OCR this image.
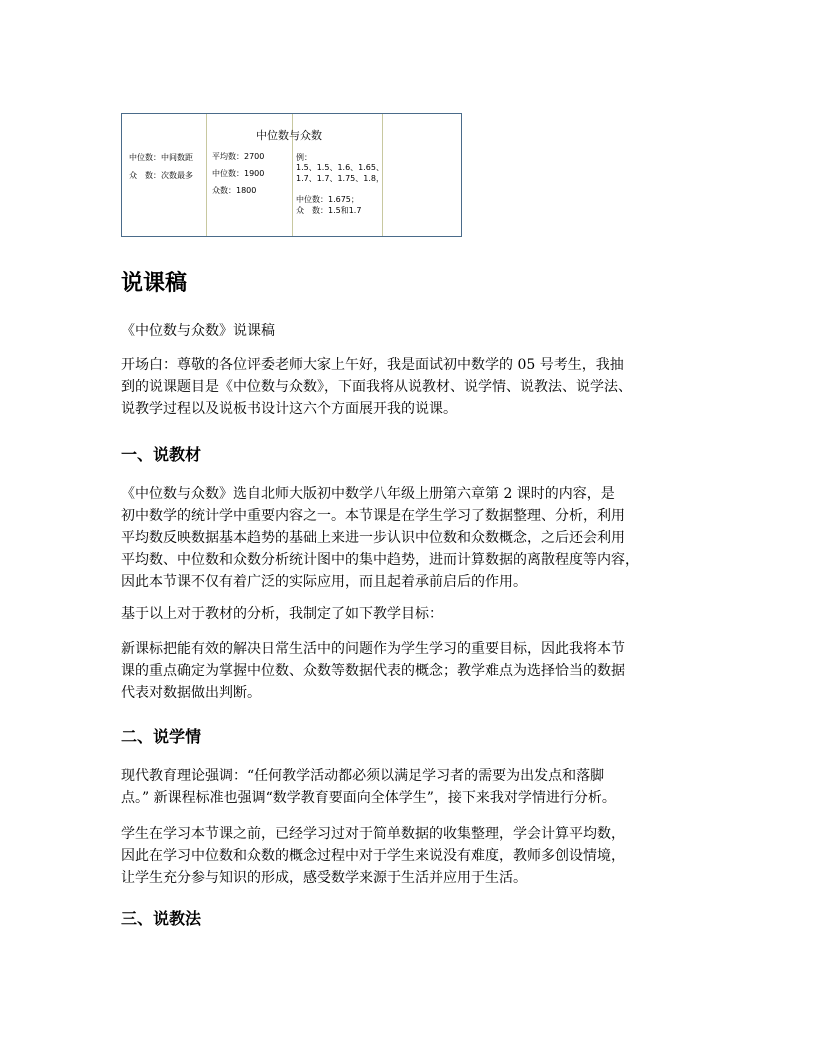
中位数与众数
中位数：中间数距
众　数：次数最多
平均数：2700
中位数：1900
众数：1800
例：
1.5、1.5、1.6、1.65、
1.7、1.7、1.75、1.8，
中位数：1.675；
众　数：1.5和1.7
说课稿

《中位数与众数》说课稿

开场白：尊敬的各位评委老师大家上午好，我是面试初中数学的 05 号考生，我抽
到的说课题目是《中位数与众数》，下面我将从说教材、说学情、说教法、说学法、
说教学过程以及说板书设计这六个方面展开我的说课。

一、说教材

《中位数与众数》选自北师大版初中数学八年级上册第六章第 2 课时的内容，是
初中数学的统计学中重要内容之一。本节课是在学生学习了数据整理、分析，利用
平均数反映数据基本趋势的基础上来进一步认识中位数和众数概念，之后还会利用
平均数、中位数和众数分析统计图中的集中趋势，进而计算数据的离散程度等内容，
因此本节课不仅有着广泛的实际应用，而且起着承前启后的作用。

基于以上对于教材的分析，我制定了如下教学目标：

新课标把能有效的解决日常生活中的问题作为学生学习的重要目标，因此我将本节
课的重点确定为掌握中位数、众数等数据代表的概念；教学难点为选择恰当的数据
代表对数据做出判断。

二、说学情

现代教育理论强调：“任何教学活动都必须以满足学习者的需要为出发点和落脚
点。” 新课程标准也强调“数学教育要面向全体学生”，接下来我对学情进行分析。

学生在学习本节课之前，已经学习过对于简单数据的收集整理，学会计算平均数，
因此在学习中位数和众数的概念过程中对于学生来说没有难度，教师多创设情境，
让学生充分参与知识的形成，感受数学来源于生活并应用于生活。

三、说教法
